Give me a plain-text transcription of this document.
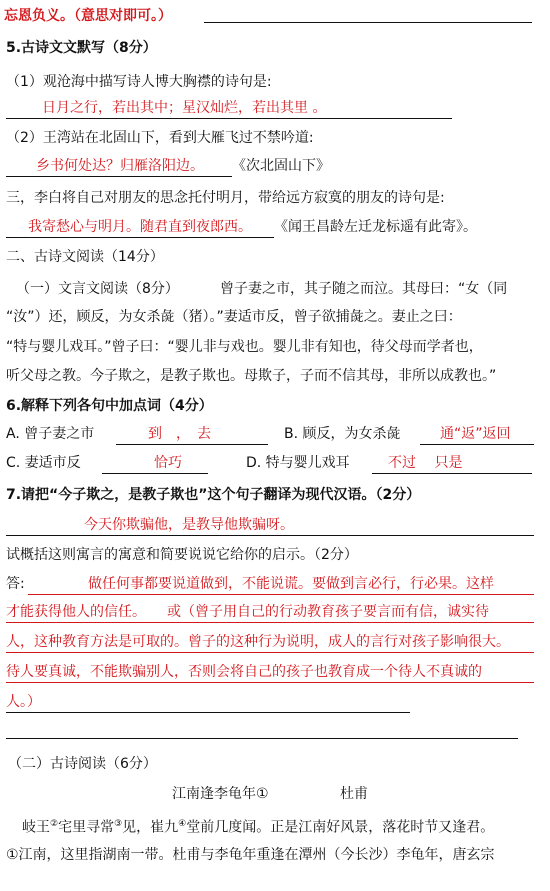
忘恩负义。（意思对即可。）
5.古诗文文默写（8分）
（1）观沧海中描写诗人博大胸襟的诗句是:
日月之行，若出其中；星汉灿烂，若出其里 。
（2）王湾站在北固山下，看到大雁飞过不禁吟道:
乡书何处达？归雁洛阳边。 《次北固山下》
三，李白将自己对朋友的思念托付明月，带给远方寂寞的朋友的诗句是:
我寄愁心与明月。随君直到夜郎西。 《闻王昌龄左迁龙标遥有此寄》。
二、古诗文阅读（14分）
（一）文言文阅读（8分）	曾子妻之市，其子随之而泣。其母曰：“女（同
“汝”）还，顾反，为女杀彘（猪）。”妻适市反，曾子欲捕彘之。妻止之曰：
“特与婴儿戏耳。”曾子曰：“婴儿非与戏也。婴儿非有知也，待父母而学者也，
听父母之教。今子欺之，是教子欺也。母欺子，子而不信其母，非所以成教也。”
6.解释下列各句中加点词（4分）
A. 曾子妻之市	到　，　去	B. 顾反，为女杀彘	通“返”返回
C. 妻适市反	恰巧	D. 特与婴儿戏耳	不过　 只是
7.请把“今子欺之，是教子欺也”这个句子翻译为现代汉语。（2分）
今天你欺骗他，是教导他欺骗呀。
试概括这则寓言的寓意和简要说说它给你的启示。（2分）
答:	做任何事都要说道做到，不能说谎。要做到言必行，行必果。这样
才能获得他人的信任。　　或（曾子用自己的行动教育孩子要言而有信，诚实待
人，这种教育方法是可取的。曾子的这种行为说明，成人的言行对孩子影响很大。
待人要真诚，不能欺骗别人，否则会将自己的孩子也教育成一个待人不真诚的
人。）
（二）古诗阅读（6分）
江南逢李龟年①	杜甫
岐王②宅里寻常③见，崔九④堂前几度闻。正是江南好风景，落花时节又逢君。
①江南，这里指湖南一带。杜甫与李龟年重逢在潭州（今长沙）李龟年，唐玄宗
